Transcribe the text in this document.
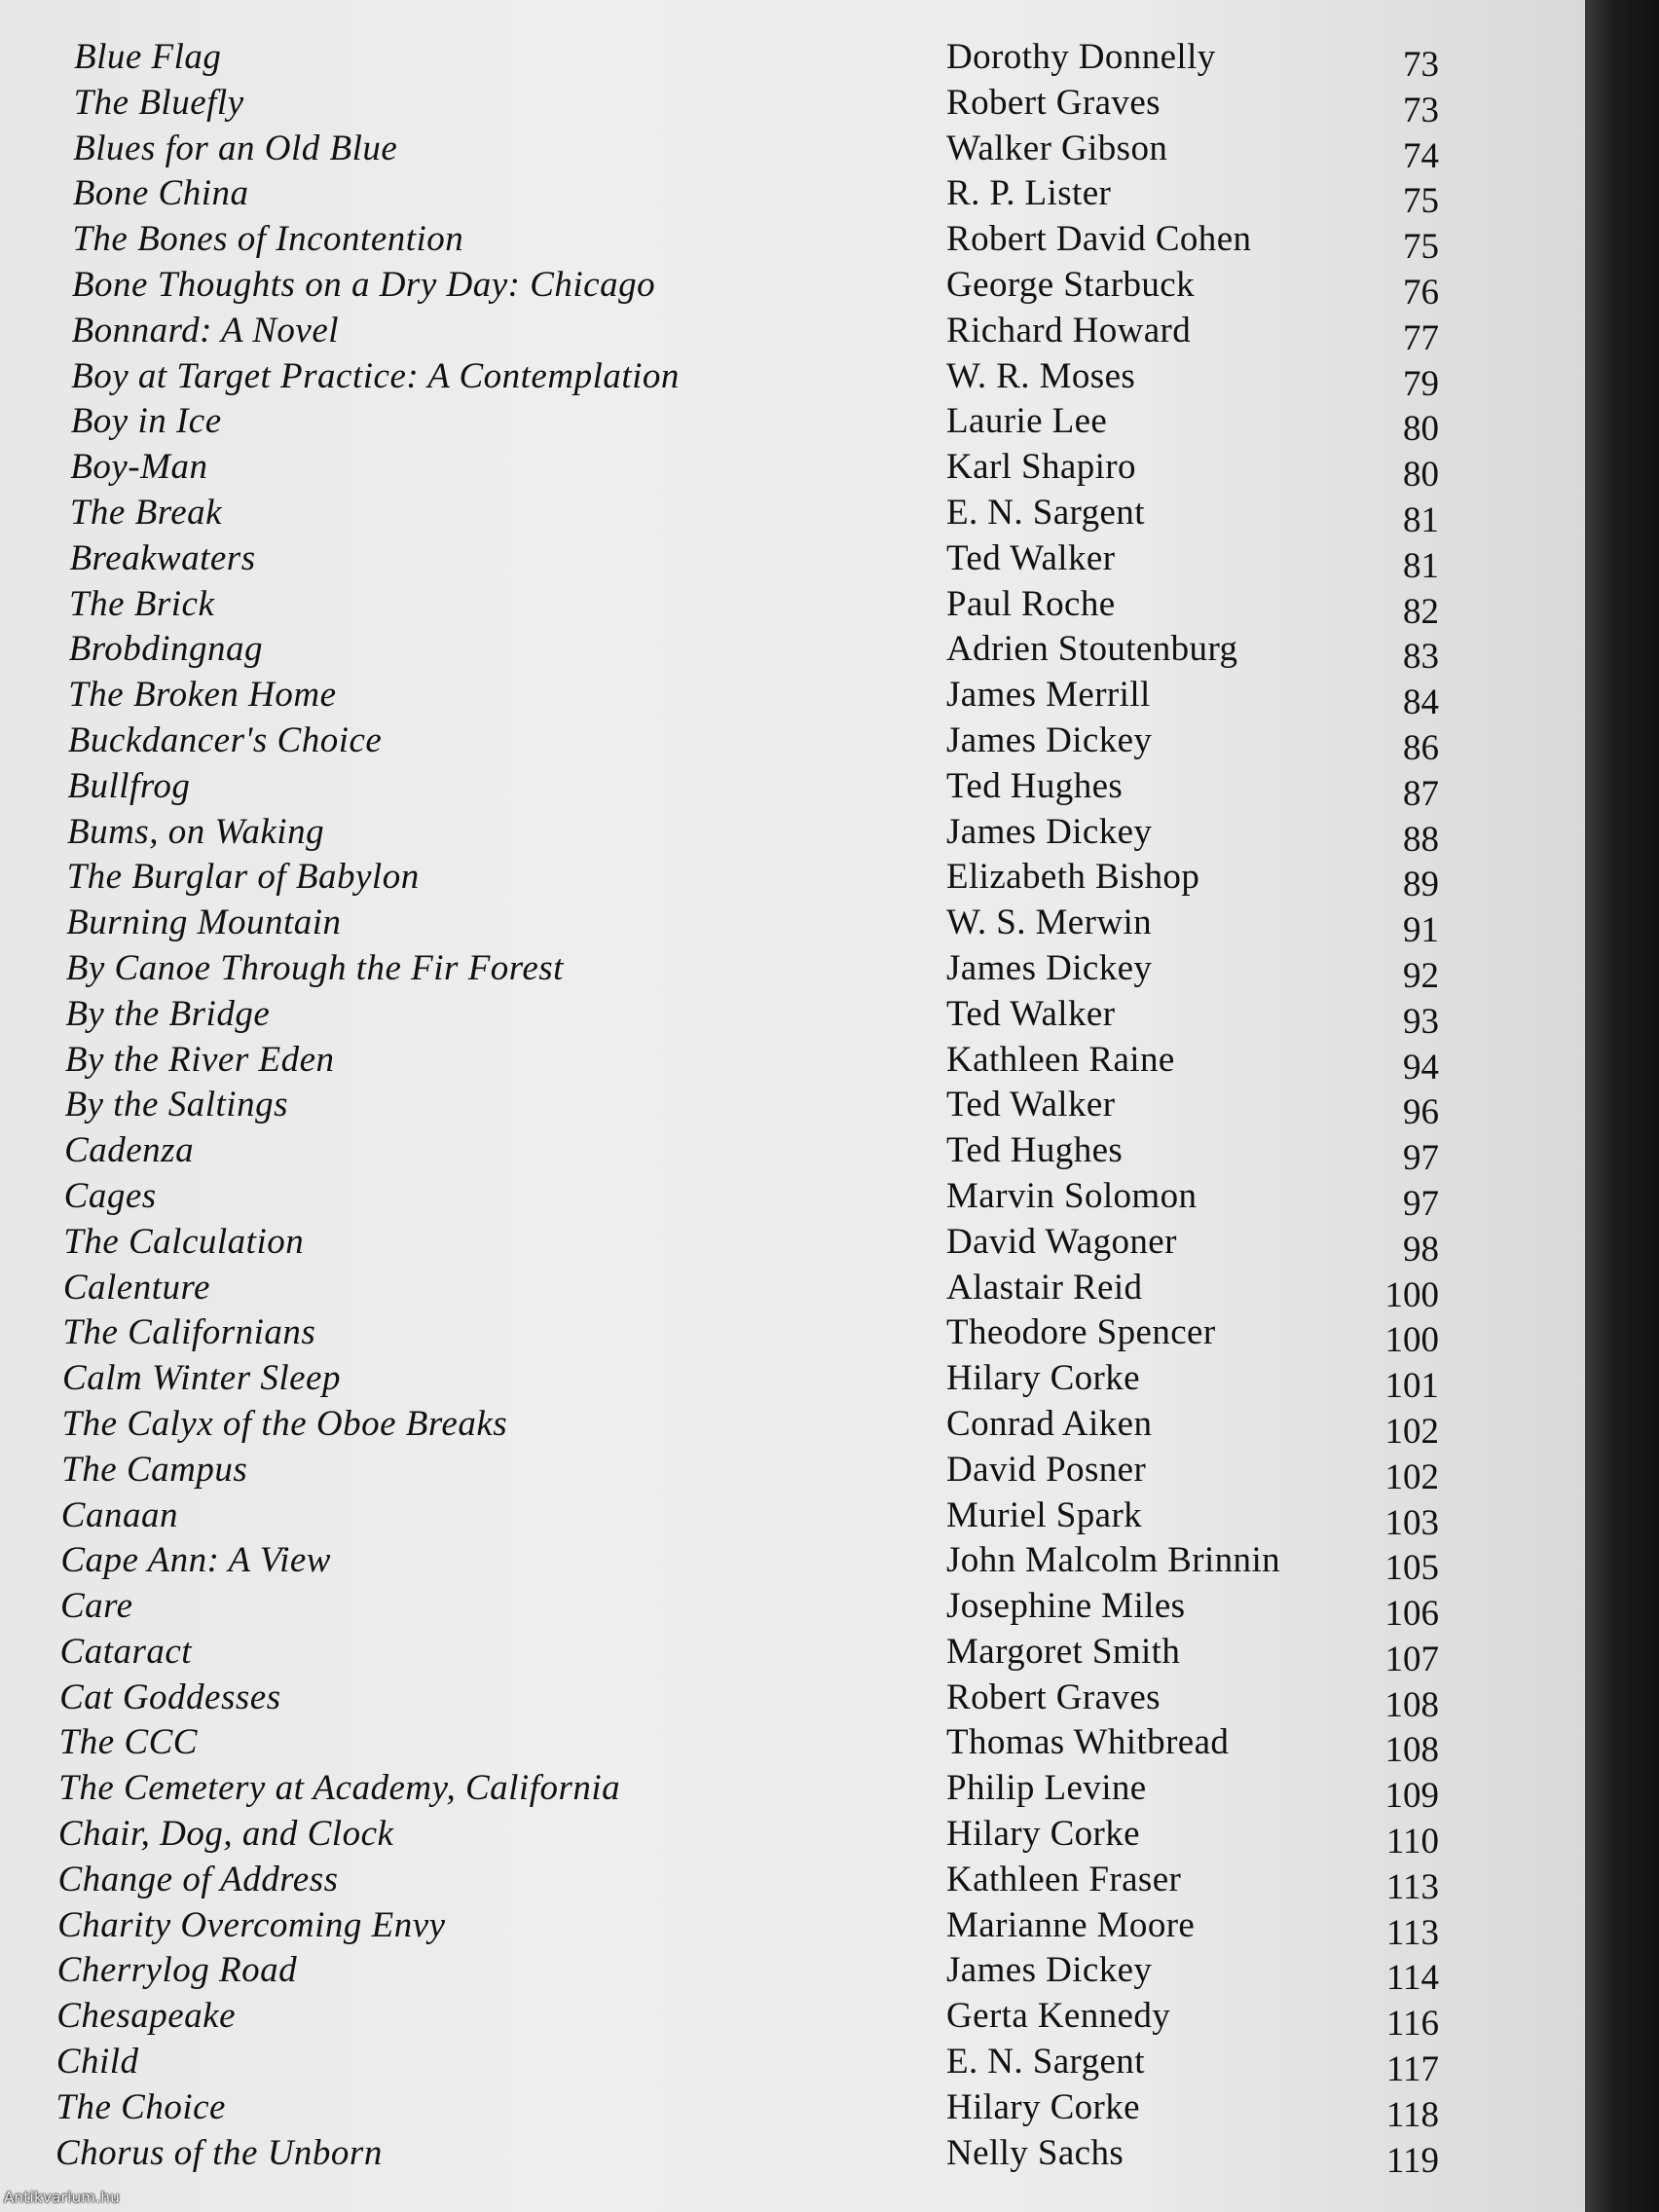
Blue Flag	Dorothy Donnelly	73
The Bluefly	Robert Graves	73
Blues for an Old Blue	Walker Gibson	74
Bone China	R. P. Lister	75
The Bones of Incontention	Robert David Cohen	75
Bone Thoughts on a Dry Day: Chicago	George Starbuck	76
Bonnard: A Novel	Richard Howard	77
Boy at Target Practice: A Contemplation	W. R. Moses	79
Boy in Ice	Laurie Lee	80
Boy-Man	Karl Shapiro	80
The Break	E. N. Sargent	81
Breakwaters	Ted Walker	81
The Brick	Paul Roche	82
Brobdingnag	Adrien Stoutenburg	83
The Broken Home	James Merrill	84
Buckdancer's Choice	James Dickey	86
Bullfrog	Ted Hughes	87
Bums, on Waking	James Dickey	88
The Burglar of Babylon	Elizabeth Bishop	89
Burning Mountain	W. S. Merwin	91
By Canoe Through the Fir Forest	James Dickey	92
By the Bridge	Ted Walker	93
By the River Eden	Kathleen Raine	94
By the Saltings	Ted Walker	96
Cadenza	Ted Hughes	97
Cages	Marvin Solomon	97
The Calculation	David Wagoner	98
Calenture	Alastair Reid	100
The Californians	Theodore Spencer	100
Calm Winter Sleep	Hilary Corke	101
The Calyx of the Oboe Breaks	Conrad Aiken	102
The Campus	David Posner	102
Canaan	Muriel Spark	103
Cape Ann: A View	John Malcolm Brinnin	105
Care	Josephine Miles	106
Cataract	Margoret Smith	107
Cat Goddesses	Robert Graves	108
The CCC	Thomas Whitbread	108
The Cemetery at Academy, California	Philip Levine	109
Chair, Dog, and Clock	Hilary Corke	110
Change of Address	Kathleen Fraser	113
Charity Overcoming Envy	Marianne Moore	113
Cherrylog Road	James Dickey	114
Chesapeake	Gerta Kennedy	116
Child	E. N. Sargent	117
The Choice	Hilary Corke	118
Chorus of the Unborn	Nelly Sachs	119
Antikvarium.hu
